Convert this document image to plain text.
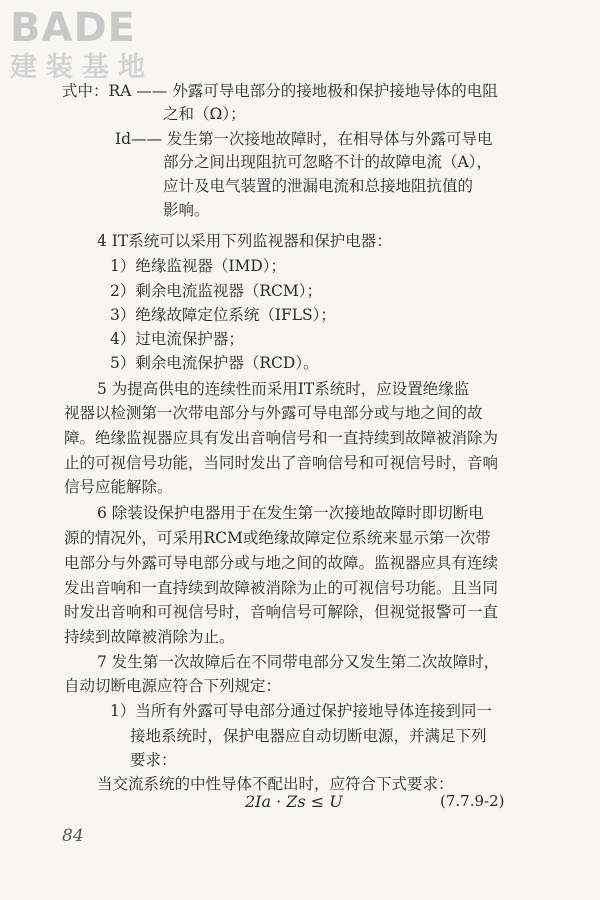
BADE
建装基地
式中：RA —— 外露可导电部分的接地极和保护接地导体的电阻
之和（Ω）；
Id—— 发生第一次接地故障时，在相导体与外露可导电
部分之间出现阻抗可忽略不计的故障电流（A），
应计及电气装置的泄漏电流和总接地阻抗值的
影响。
4 IT系统可以采用下列监视器和保护电器：
1）绝缘监视器（IMD）；
2）剩余电流监视器（RCM）；
3）绝缘故障定位系统（IFLS）；
4）过电流保护器；
5）剩余电流保护器（RCD）。
5 为提高供电的连续性而采用IT系统时，应设置绝缘监
视器以检测第一次带电部分与外露可导电部分或与地之间的故
障。绝缘监视器应具有发出音响信号和一直持续到故障被消除为
止的可视信号功能，当同时发出了音响信号和可视信号时，音响
信号应能解除。
6 除装设保护电器用于在发生第一次接地故障时即切断电
源的情况外，可采用RCM或绝缘故障定位系统来显示第一次带
电部分与外露可导电部分或与地之间的故障。监视器应具有连续
发出音响和一直持续到故障被消除为止的可视信号功能。且当同
时发出音响和可视信号时，音响信号可解除，但视觉报警可一直
持续到故障被消除为止。
7 发生第一次故障后在不同带电部分又发生第二次故障时，
自动切断电源应符合下列规定：
1）当所有外露可导电部分通过保护接地导体连接到同一
接地系统时，保护电器应自动切断电源，并满足下列
要求：
当交流系统的中性导体不配出时，应符合下式要求：
2Ia · Zs ≤ U	(7.7.9-2)
84
